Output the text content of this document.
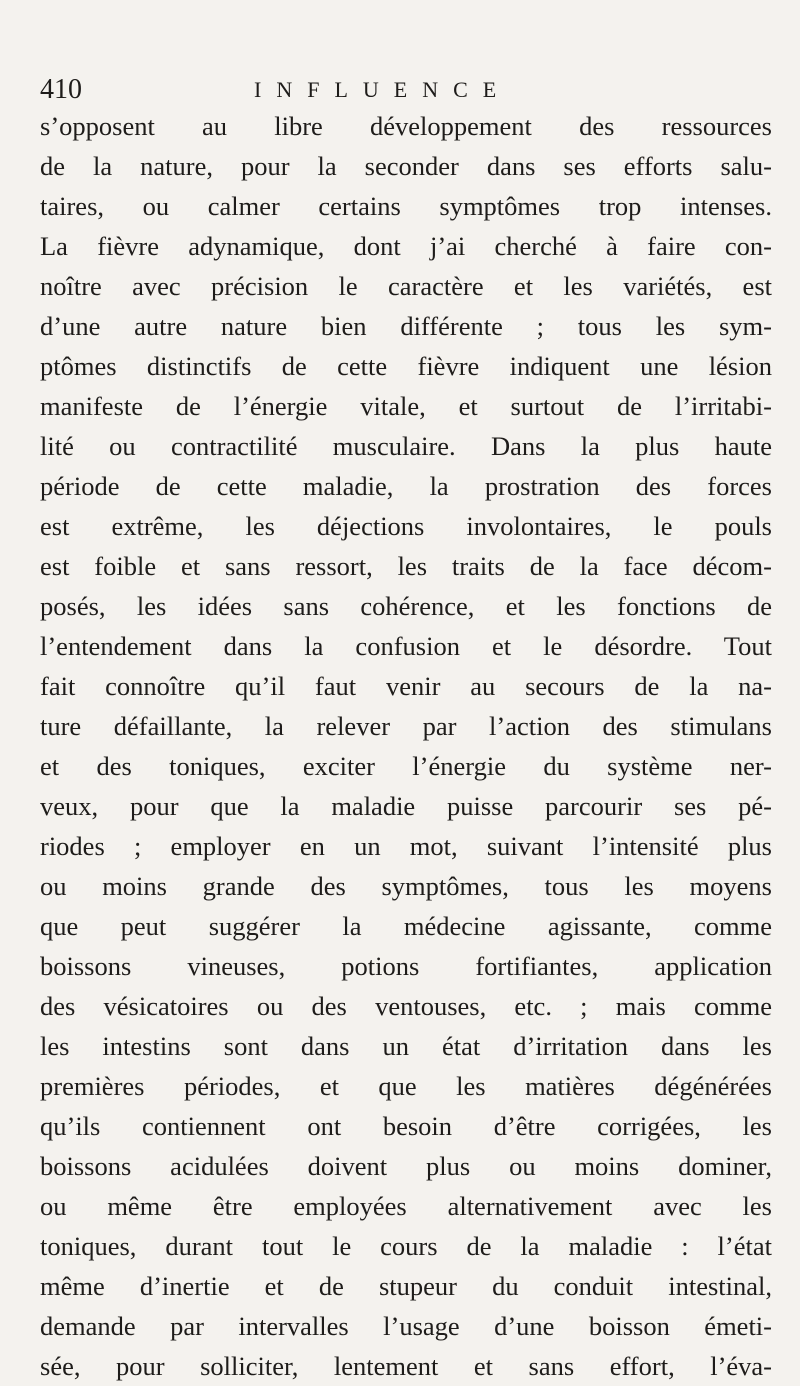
410	INFLUENCE
s’opposent au libre développement des ressources
de la nature, pour la seconder dans ses efforts salu-
taires, ou calmer certains symptômes trop intenses.
La fièvre adynamique, dont j’ai cherché à faire con-
noître avec précision le caractère et les variétés, est
d’une autre nature bien différente ; tous les sym-
ptômes distinctifs de cette fièvre indiquent une lésion
manifeste de l’énergie vitale, et surtout de l’irritabi-
lité ou contractilité musculaire. Dans la plus haute
période de cette maladie, la prostration des forces
est extrême, les déjections involontaires, le pouls
est foible et sans ressort, les traits de la face décom-
posés, les idées sans cohérence, et les fonctions de
l’entendement dans la confusion et le désordre. Tout
fait connoître qu’il faut venir au secours de la na-
ture défaillante, la relever par l’action des stimulans
et des toniques, exciter l’énergie du système ner-
veux, pour que la maladie puisse parcourir ses pé-
riodes ; employer en un mot, suivant l’intensité plus
ou moins grande des symptômes, tous les moyens
que peut suggérer la médecine agissante, comme
boissons vineuses, potions fortifiantes, application
des vésicatoires ou des ventouses, etc. ; mais comme
les intestins sont dans un état d’irritation dans les
premières périodes, et que les matières dégénérées
qu’ils contiennent ont besoin d’être corrigées, les
boissons acidulées doivent plus ou moins dominer,
ou même être employées alternativement avec les
toniques, durant tout le cours de la maladie : l’état
même d’inertie et de stupeur du conduit intestinal,
demande par intervalles l’usage d’une boisson émeti-
sée, pour solliciter, lentement et sans effort, l’éva-
